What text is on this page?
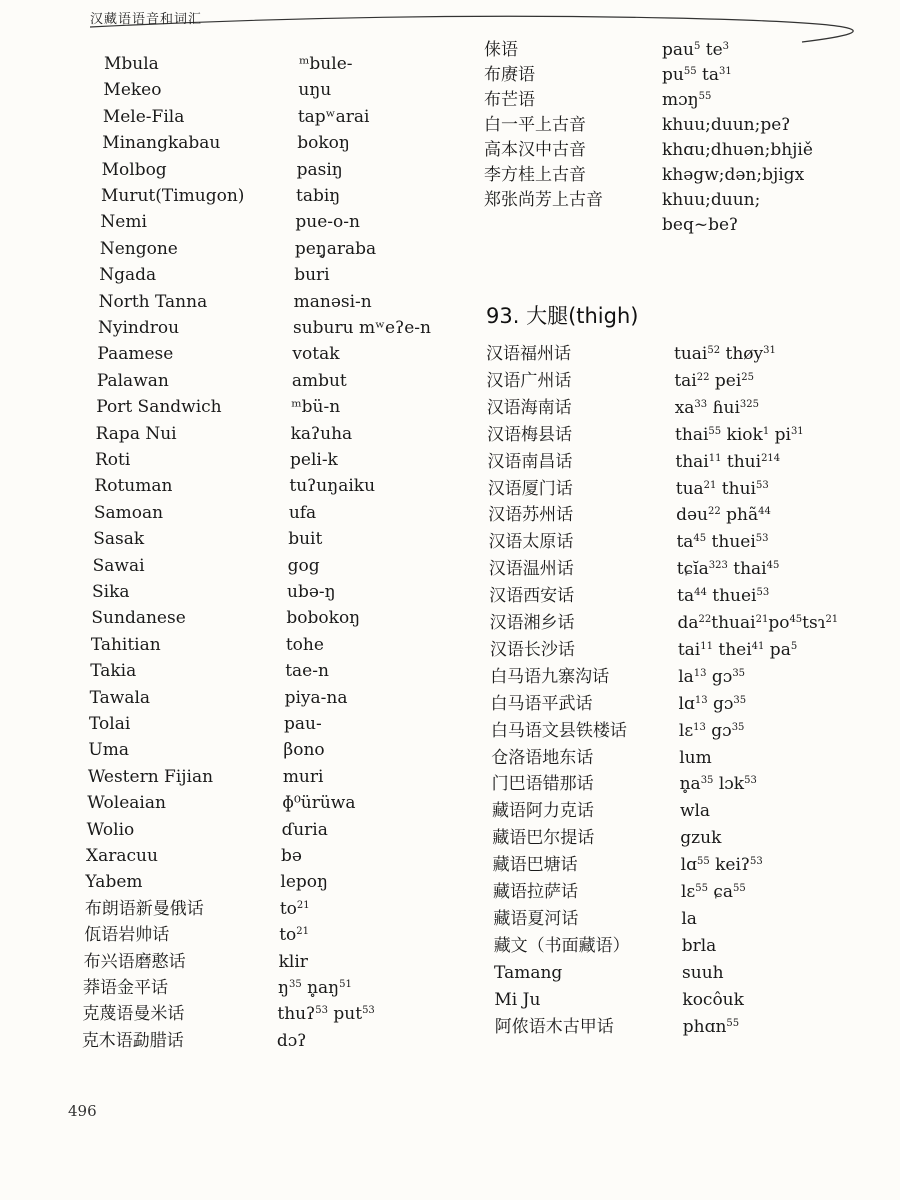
汉藏语语音和词汇
Mbula	ᵐbule-
Mekeo	uŋu
Mele-Fila	tapʷarai
Minangkabau	bokoŋ
Molbog	pasiŋ
Murut(Timugon)	tabiŋ
Nemi	pue-o-n
Nengone	peŋ̥araba
Ngada	buri
North Tanna	manəsi-n
Nyindrou	suburu mʷeʔe-n
Paamese	votak
Palawan	ambut
Port Sandwich	ᵐbü-n
Rapa Nui	kaʔuha
Roti	peli-k
Rotuman	tuʔuŋaiku
Samoan	ufa
Sasak	buit
Sawai	gog
Sika	ubə-ŋ
Sundanese	bobokoŋ
Tahitian	tohe
Takia	tae-n
Tawala	piya-na
Tolai	pau-
Uma	βono
Western Fijian	muri
Woleaian	ɸ⁰ürüwa
Wolio	ɗuria
Xaracuu	bə
Yabem	lepoŋ
布朗语新曼俄话	$to^{21}$
佤语岩帅话	$to^{21}$
布兴语磨憨话	klir
莽语金平话	$ŋ^{35}$ $n̥aŋ^{51}$
克蔑语曼米话	thuʔ$^{53}$ put$^{53}$
克木语勐腊话	dɔʔ
俫语	pau$^5$ $te^3$
布赓语	$pu^{55}$ $ta^{31}$
布芒语	mɔŋ$^{55}$
白一平上古音	khuu;duun;peʔ
高本汉中古音	khɑu;dhuən;bhjiě
李方桂上古音	khəgw;dən;bjigx
郑张尚芳上古音	khuu;duun;
beq~beʔ
93. 大腿(thigh)
汉语福州话	tuai$^{52}$ thøy$^{31}$
汉语广州话	tai$^{22}$ pei$^{25}$
汉语海南话	$xa^{33}$ ɦui$^{325}$
汉语梅县话	thai$^{55}$ kiok$^1$ $pi^{31}$
汉语南昌话	thai$^{11}$ thui$^{214}$
汉语厦门话	tua$^{21}$ thui$^{53}$
汉语苏州话	dəu$^{22}$ phã$^{44}$
汉语太原话	$ta^{45}$ thuei$^{53}$
汉语温州话	tɕĭa$^{323}$ thai$^{45}$
汉语西安话	$ta^{44}$ thuei$^{53}$
汉语湘乡话	$da^{22}thuai^{21}po^{45}tsɿ^{21}$
汉语长沙话	tai$^{11}$ thei$^{41}$ $pa^5$
白马语九寨沟话	$la^{13}$ gɔ$^{35}$
白马语平武话	lɑ$^{13}$ gɔ$^{35}$
白马语文县铁楼话	lɛ$^{13}$ gɔ$^{35}$
仓洛语地东话	lum
门巴语错那话	$n̥a^{35}$ lɔk$^{53}$
藏语阿力克话	wla
藏语巴尔提话	gzuk
藏语巴塘话	lɑ$^{55}$ keiʔ$^{53}$
藏语拉萨话	lɛ$^{55}$ ɕa$^{55}$
藏语夏河话	la
藏文（书面藏语）	brla
Tamang	suuh
Mi Ju	kocôuk
阿侬语木古甲话	phɑn$^{55}$
496
